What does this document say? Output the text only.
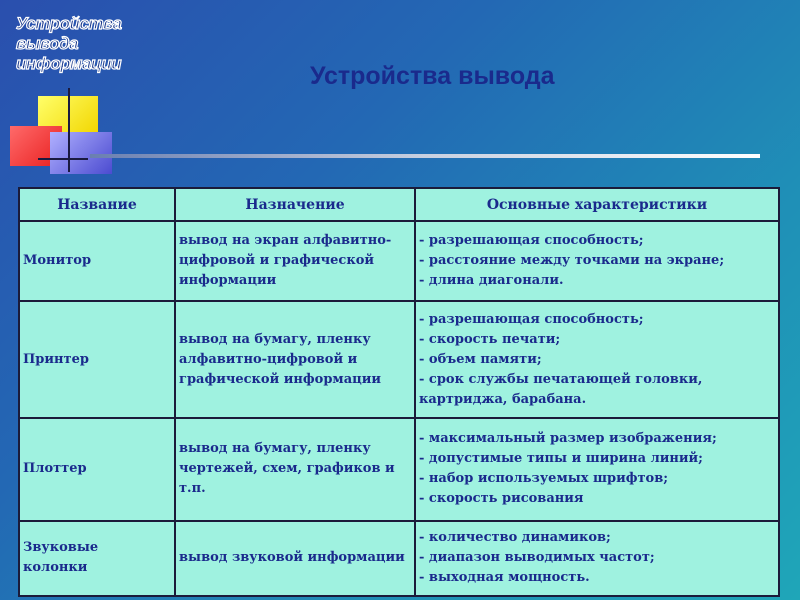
Устройства
вывода
информации	Устройства вывода
Название	Назначение	Основные характеристики
Монитор	вывод на экран алфавитно-
цифровой и графической
информации	- разрешающая способность;
- расстояние между точками на экране;
- длина диагонали.

Принтер	вывод на бумагу, пленку
алфавитно-цифровой и
графической информации	- разрешающая способность;
- скорость печати;
- объем памяти;
- срок службы печатающей головки,
картриджа, барабана.

Плоттер	вывод на бумагу, пленку
чертежей, схем, графиков и
т.п.	- максимальный размер изображения;
- допустимые типы и ширина линий;
- набор используемых шрифтов;
- скорость рисования

Звуковые
колонки	вывод звуковой информации	- количество динамиков;
- диапазон выводимых частот;
- выходная мощность.
